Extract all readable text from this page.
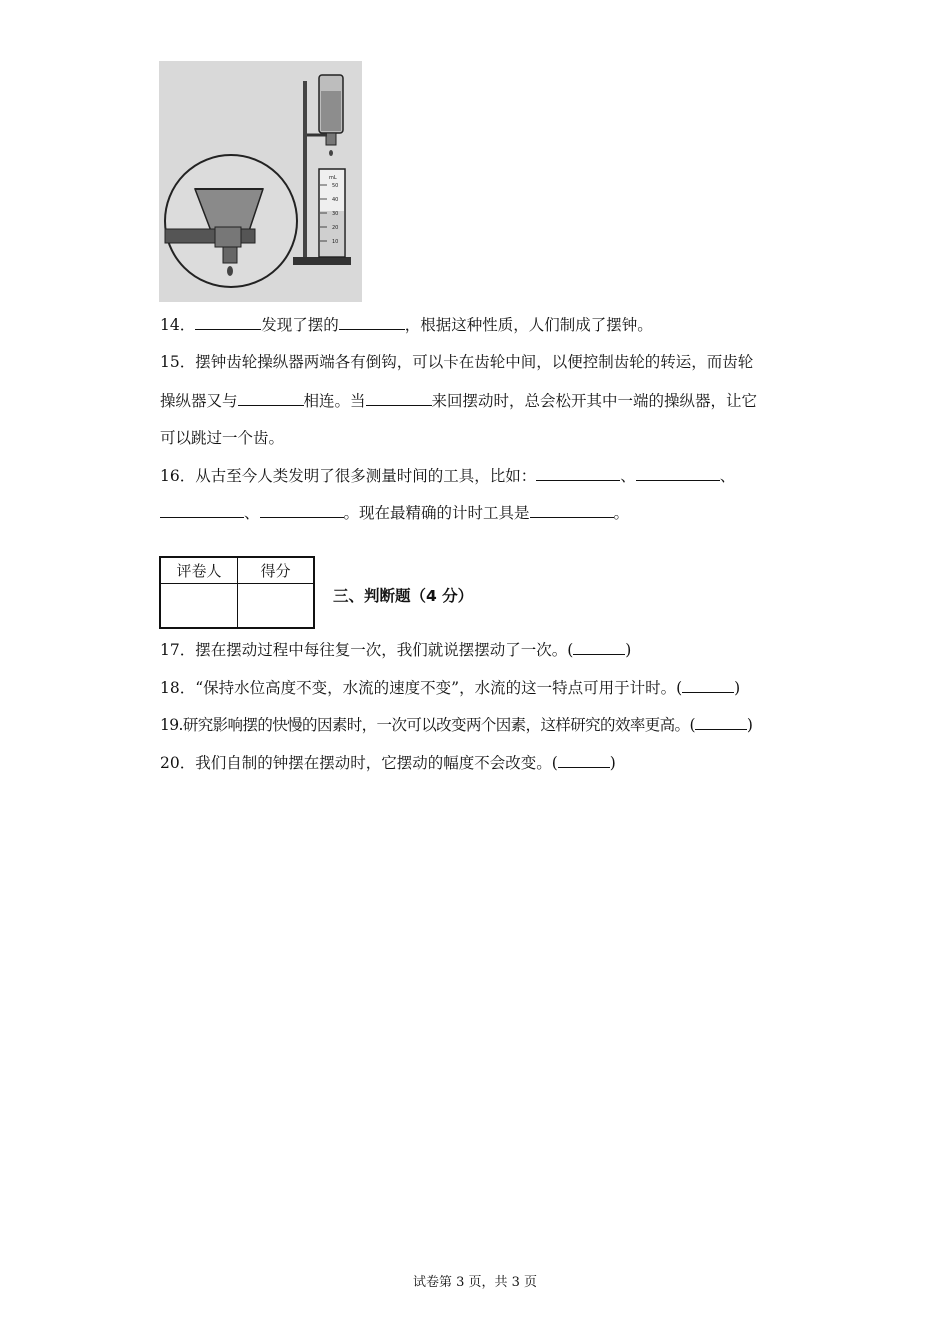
mL
50
40
30
20
10
14．	发现了摆的	，根据这种性质，人们制成了摆钟。
15．摆钟齿轮操纵器两端各有倒钩，可以卡在齿轮中间，以便控制齿轮的转运，而齿轮
操纵器又与	相连。当	来回摆动时，总会松开其中一端的操纵器，让它
可以跳过一个齿。
16．从古至今人类发明了很多测量时间的工具，比如：	、	、
、	。现在最精确的计时工具是	。
评卷人	得分
三、判断题（4 分）
17．摆在摆动过程中每往复一次，我们就说摆摆动了一次。(	)
18．“保持水位高度不变，水流的速度不变”，水流的这一特点可用于计时。(	)
19.研究影响摆的快慢的因素时，一次可以改变两个因素，这样研究的效率更高。(	)
20．我们自制的钟摆在摆动时，它摆动的幅度不会改变。(	)
试卷第 3 页，共 3 页
